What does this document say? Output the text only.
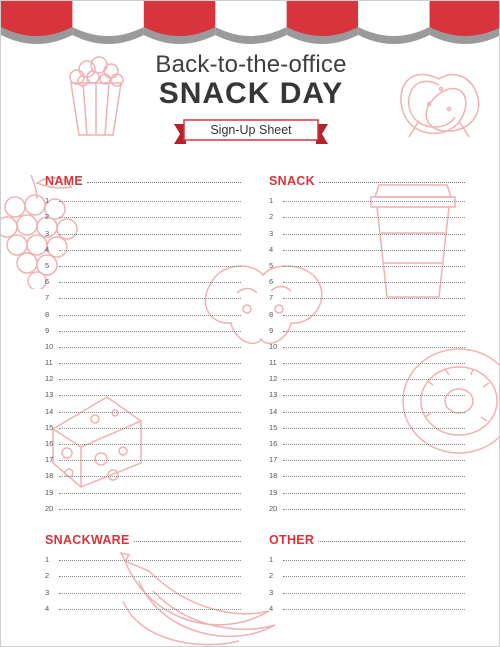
Back-to-the-office
SNACK DAY
Sign-Up Sheet
NAME
1
2
3
4
5
6
7
8
9
10
11
12
13
14
15
16
17
18
19
20
SNACK
1
2
3
4
5
6
7
8
9
10
11
12
13
14
15
16
17
18
19
20
SNACKWARE
1
2
3
4
OTHER
1
2
3
4
